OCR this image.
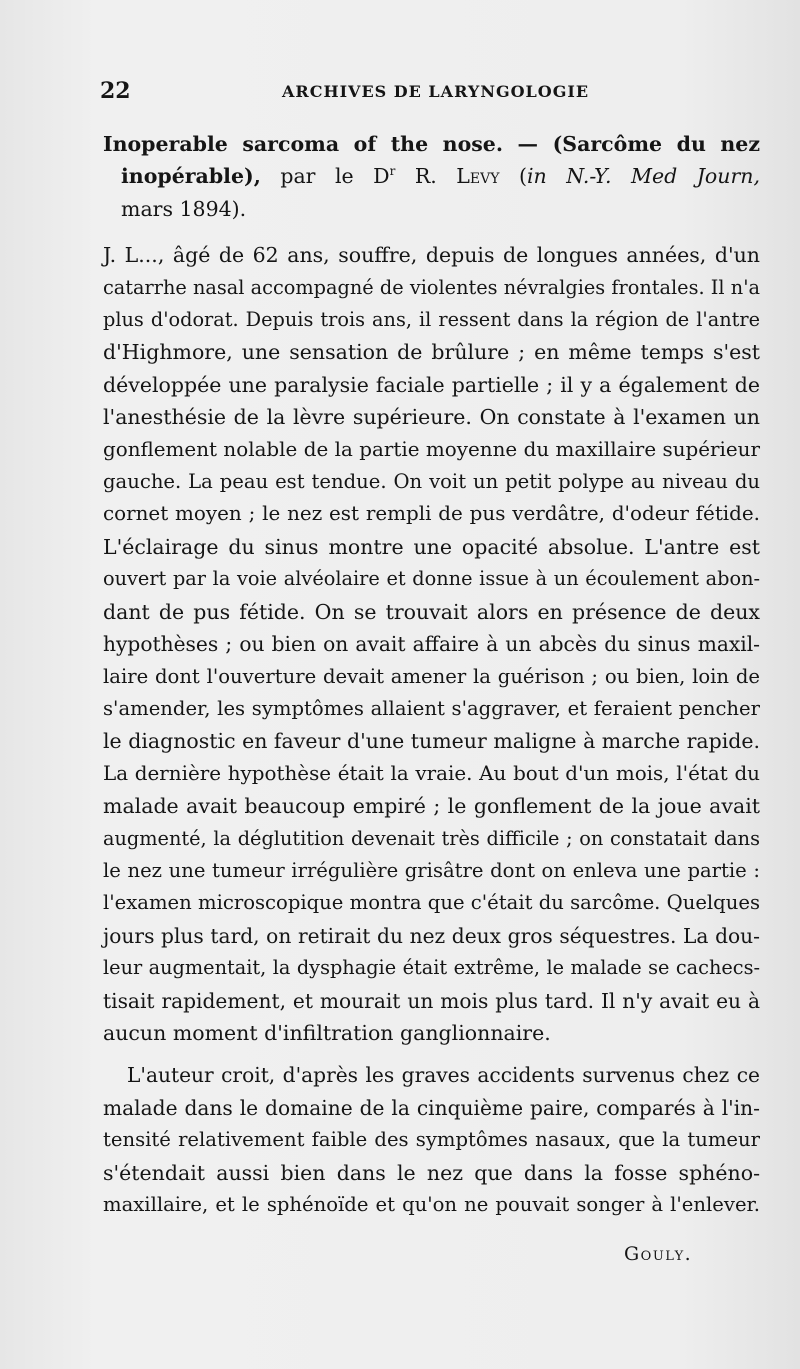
22	ARCHIVES DE LARYNGOLOGIE
Inoperable sarcoma of the nose. — (Sarcôme du nez
inopérable), par le $D^r$ R. Levy (in N.-Y. Med Journ,
mars 1894).
J. L..., âgé de 62 ans, souffre, depuis de longues années, d'un
catarrhe nasal accompagné de violentes névralgies frontales. Il n'a
plus d'odorat. Depuis trois ans, il ressent dans la région de l'antre
d'Highmore, une sensation de brûlure ; en même temps s'est
développée une paralysie faciale partielle ; il y a également de
l'anesthésie de la lèvre supérieure. On constate à l'examen un
gonflement nolable de la partie moyenne du maxillaire supérieur
gauche. La peau est tendue. On voit un petit polype au niveau du
cornet moyen ; le nez est rempli de pus verdâtre, d'odeur fétide.
L'éclairage du sinus montre une opacité absolue. L'antre est
ouvert par la voie alvéolaire et donne issue à un écoulement abon-
dant de pus fétide. On se trouvait alors en présence de deux
hypothèses ; ou bien on avait affaire à un abcès du sinus maxil-
laire dont l'ouverture devait amener la guérison ; ou bien, loin de
s'amender, les symptômes allaient s'aggraver, et feraient pencher
le diagnostic en faveur d'une tumeur maligne à marche rapide.
La dernière hypothèse était la vraie. Au bout d'un mois, l'état du
malade avait beaucoup empiré ; le gonflement de la joue avait
augmenté, la déglutition devenait très difficile ; on constatait dans
le nez une tumeur irrégulière grisâtre dont on enleva une partie :
l'examen microscopique montra que c'était du sarcôme. Quelques
jours plus tard, on retirait du nez deux gros séquestres. La dou-
leur augmentait, la dysphagie était extrême, le malade se cachecs-
tisait rapidement, et mourait un mois plus tard. Il n'y avait eu à
aucun moment d'infiltration ganglionnaire.
L'auteur croit, d'après les graves accidents survenus chez ce
malade dans le domaine de la cinquième paire, comparés à l'in-
tensité relativement faible des symptômes nasaux, que la tumeur
s'étendait aussi bien dans le nez que dans la fosse sphéno-
maxillaire, et le sphénoïde et qu'on ne pouvait songer à l'enlever.
Gouly.
